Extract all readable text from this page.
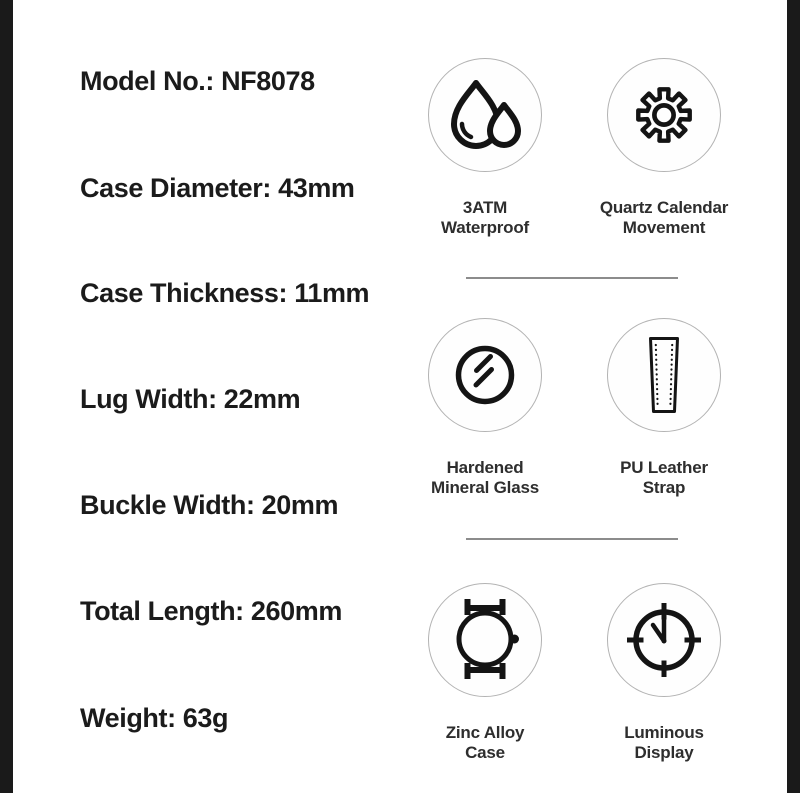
Model No.: NF8078
Case Diameter: 43mm
Case Thickness: 11mm
Lug Width: 22mm
Buckle Width: 20mm
Total Length: 260mm
Weight: 63g
3ATM
Waterproof
Quartz Calendar
Movement
Hardened
Mineral Glass
PU Leather
Strap
Zinc Alloy
Case
Luminous
Display
